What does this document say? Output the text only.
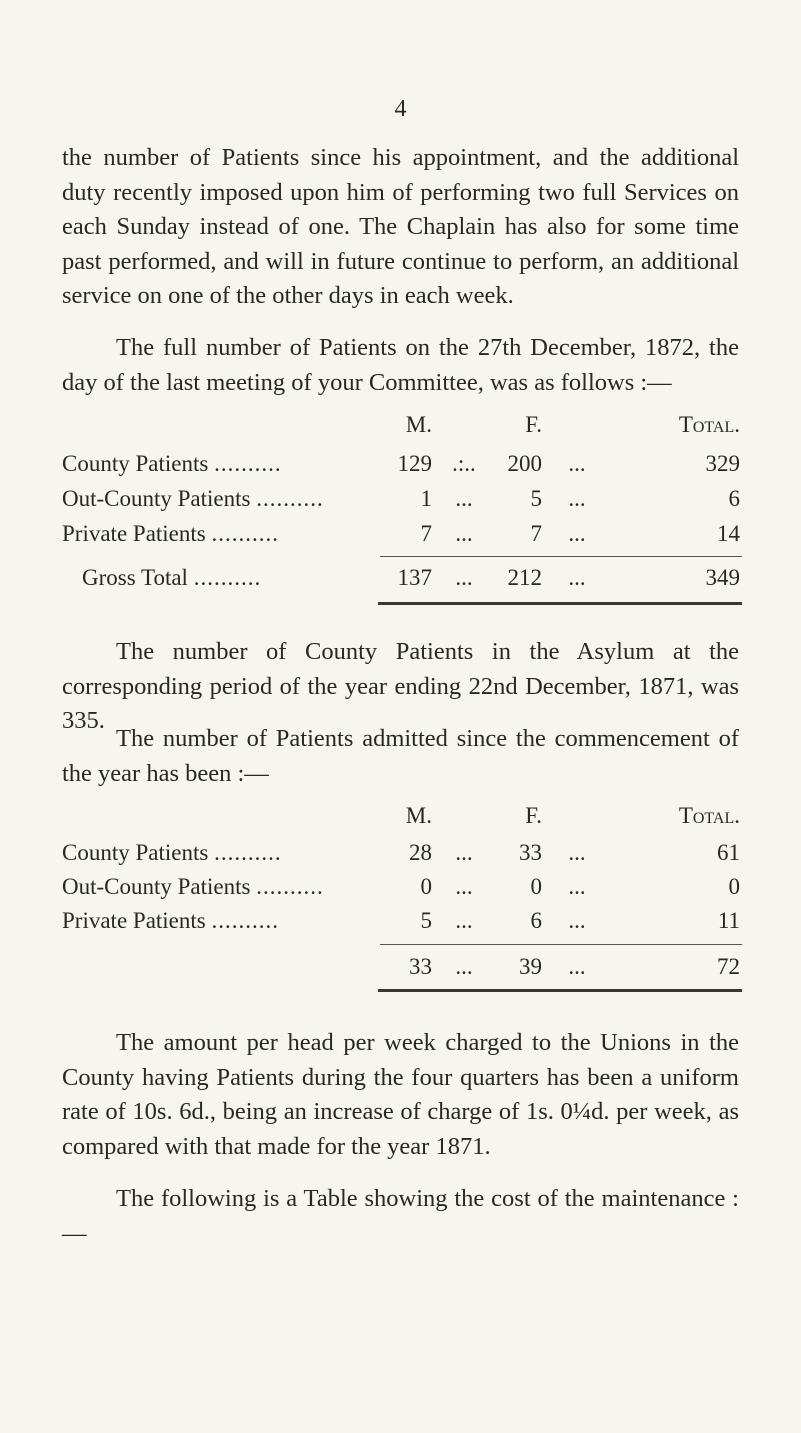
4

the number of Patients since his appointment, and the additional duty recently imposed upon him of performing two full Services on each Sunday instead of one. The Chaplain has also for some time past performed, and will in future continue to perform, an additional service on one of the other days in each week.

The full number of Patients on the 27th December, 1872, the day of the last meeting of your Committee, was as follows :—

M.	F.	Total.
County Patients ..........	129 .:..	200	...	329
Out-County Patients ..........	1	...	5	...	6
Private Patients ..........	7	...	7	...	14
Gross Total ..........	137	...	212	...	349

The number of County Patients in the Asylum at the corresponding period of the year ending 22nd December, 1871, was 335.

The number of Patients admitted since the commencement of the year has been :—

M.	F.	Total.
County Patients ..........	28	...	33	...	61
Out-County Patients ..........	0	...	0	...	0
Private Patients ..........	5	...	6	...	11
33	...	39	...	72

The amount per head per week charged to the Unions in the County having Patients during the four quarters has been a uniform rate of 10s. 6d., being an increase of charge of 1s. 0¼d. per week, as compared with that made for the year 1871.

The following is a Table showing the cost of the maintenance :—
